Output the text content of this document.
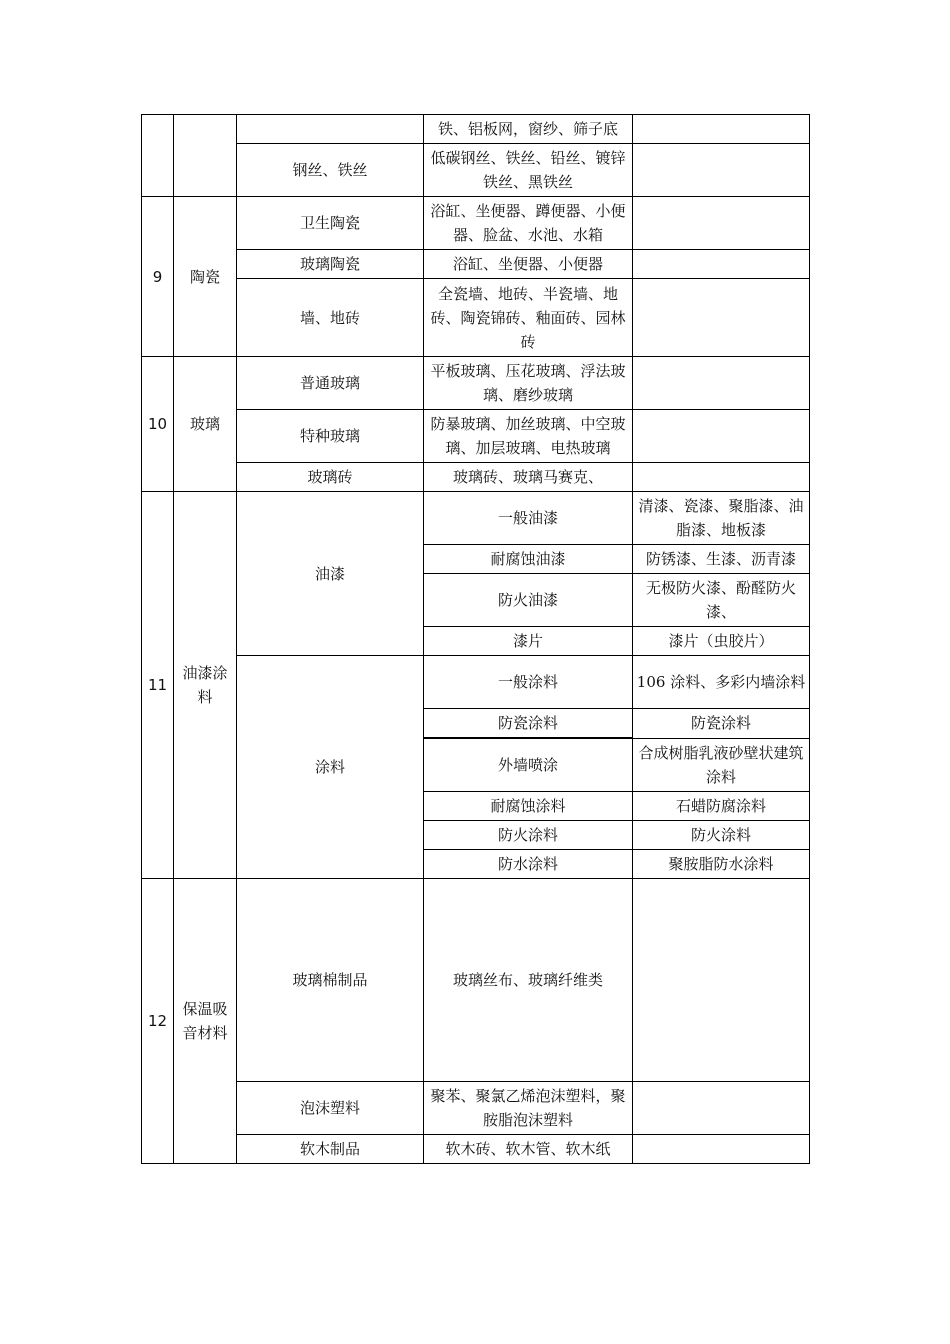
			铁、铝板网，窗纱、筛子底	
		钢丝、铁丝	低碳钢丝、铁丝、铅丝、镀锌铁丝、黑铁丝	
9	陶瓷	卫生陶瓷	浴缸、坐便器、蹲便器、小便器、脸盆、水池、水箱	
		玻璃陶瓷	浴缸、坐便器、小便器	
		墙、地砖	全瓷墙、地砖、半瓷墙、地砖、陶瓷锦砖、釉面砖、园林砖	
10	玻璃	普通玻璃	平板玻璃、压花玻璃、浮法玻璃、磨纱玻璃	
		特种玻璃	防暴玻璃、加丝玻璃、中空玻璃、加层玻璃、电热玻璃	
		玻璃砖	玻璃砖、玻璃马赛克、	
11	油漆涂料	油漆	一般油漆	清漆、瓷漆、聚脂漆、油脂漆、地板漆
			耐腐蚀油漆	防锈漆、生漆、沥青漆
			防火油漆	无极防火漆、酚醛防火漆、
			漆片	漆片（虫胶片）
		涂料	一般涂料	106 涂料、多彩内墙涂料
			防瓷涂料	防瓷涂料
			外墙喷涂	合成树脂乳液砂壁状建筑涂料
			耐腐蚀涂料	石蜡防腐涂料
			防火涂料	防火涂料
			防水涂料	聚胺脂防水涂料
12	保温吸音材料	玻璃棉制品	玻璃丝布、玻璃纤维类	
		泡沫塑料	聚苯、聚氯乙烯泡沫塑料，聚胺脂泡沫塑料	
		软木制品	软木砖、软木管、软木纸	
